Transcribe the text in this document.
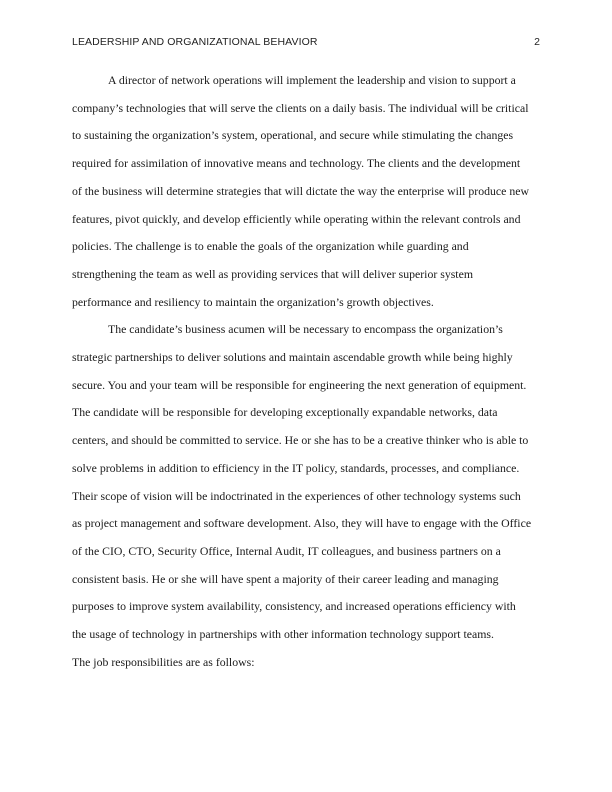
LEADERSHIP AND ORGANIZATIONAL BEHAVIOR	2

A director of network operations will implement the leadership and vision to support a
company’s technologies that will serve the clients on a daily basis. The individual will be critical
to sustaining the organization’s system, operational, and secure while stimulating the changes
required for assimilation of innovative means and technology. The clients and the development
of the business will determine strategies that will dictate the way the enterprise will produce new
features, pivot quickly, and develop efficiently while operating within the relevant controls and
policies. The challenge is to enable the goals of the organization while guarding and
strengthening the team as well as providing services that will deliver superior system
performance and resiliency to maintain the organization’s growth objectives.

The candidate’s business acumen will be necessary to encompass the organization’s
strategic partnerships to deliver solutions and maintain ascendable growth while being highly
secure. You and your team will be responsible for engineering the next generation of equipment.
The candidate will be responsible for developing exceptionally expandable networks, data
centers, and should be committed to service. He or she has to be a creative thinker who is able to
solve problems in addition to efficiency in the IT policy, standards, processes, and compliance.
Their scope of vision will be indoctrinated in the experiences of other technology systems such
as project management and software development. Also, they will have to engage with the Office
of the CIO, CTO, Security Office, Internal Audit, IT colleagues, and business partners on a
consistent basis. He or she will have spent a majority of their career leading and managing
purposes to improve system availability, consistency, and increased operations efficiency with
the usage of technology in partnerships with other information technology support teams.

The job responsibilities are as follows:
